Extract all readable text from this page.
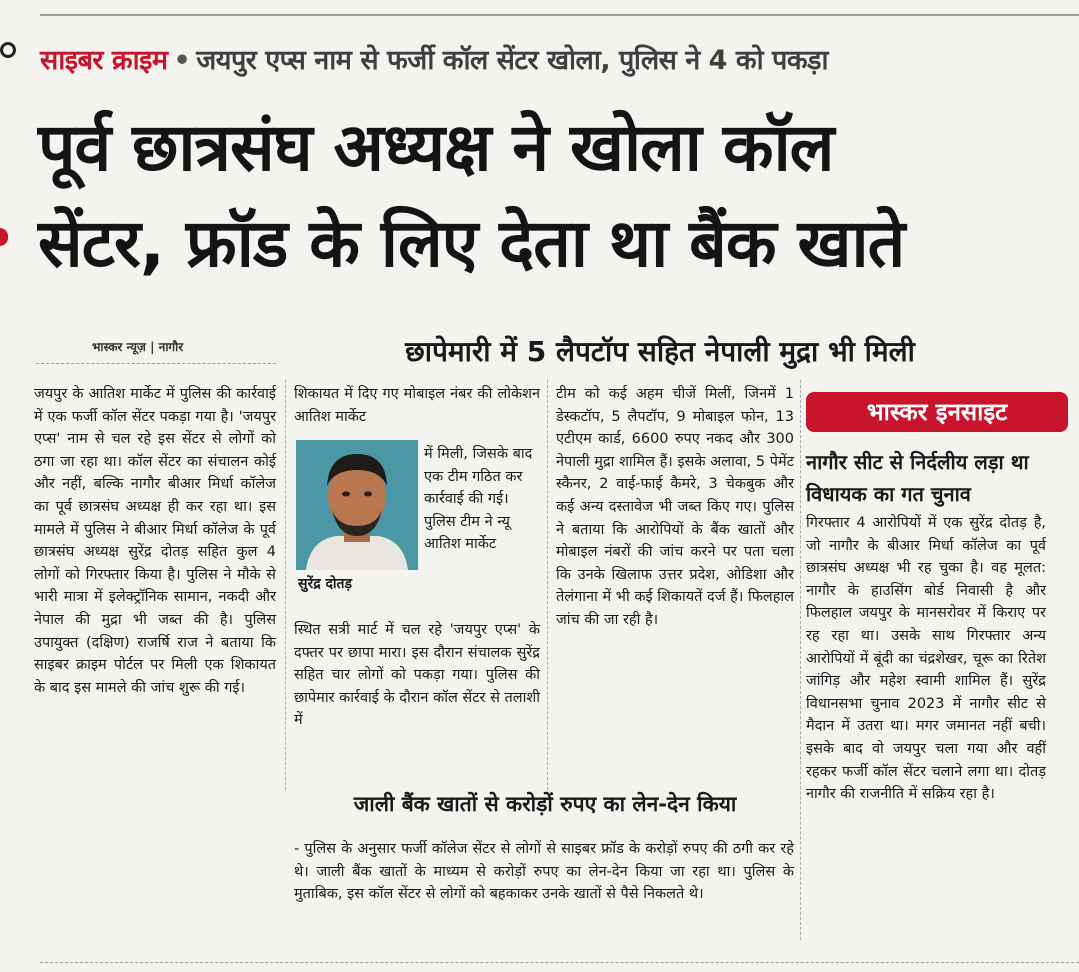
साइबर क्राइम • जयपुर एप्स नाम से फर्जी कॉल सेंटर खोला, पुलिस ने 4 को पकड़ा
पूर्व छात्रसंघ अध्यक्ष ने खोला कॉल
सेंटर, फ्रॉड के लिए देता था बैंक खाते
भास्कर न्यूज़ | नागौर	छापेमारी में 5 लैपटॉप सहित नेपाली मुद्रा भी मिली
जयपुर के आतिश मार्केट में पुलिस की कार्रवाई में एक फर्जी कॉल सेंटर पकड़ा गया है। 'जयपुर एप्स' नाम से चल रहे इस सेंटर से लोगों को ठगा जा रहा था। कॉल सेंटर का संचालन कोई और नहीं, बल्कि नागौर बीआर मिर्धा कॉलेज का पूर्व छात्रसंघ अध्यक्ष ही कर रहा था। इस मामले में पुलिस ने बीआर मिर्धा कॉलेज के पूर्व छात्रसंघ अध्यक्ष सुरेंद्र दोतड़ सहित कुल 4 लोगों को गिरफ्तार किया है। पुलिस ने मौके से भारी मात्रा में इलेक्ट्रॉनिक सामान, नकदी और नेपाल की मुद्रा भी जब्त की है। पुलिस उपायुक्त (दक्षिण) राजर्षि राज ने बताया कि साइबर क्राइम पोर्टल पर मिली एक शिकायत के बाद इस मामले की जांच शुरू की गई।
शिकायत में दिए गए मोबाइल नंबर की लोकेशन आतिश मार्केट
में मिली, जिसके बाद एक टीम गठित कर कार्रवाई की गई। पुलिस टीम ने न्यू आतिश मार्केट
सुरेंद्र दोतड़
स्थित सत्री मार्ट में चल रहे 'जयपुर एप्स' के दफ्तर पर छापा मारा। इस दौरान संचालक सुरेंद्र सहित चार लोगों को पकड़ा गया। पुलिस की छापेमार कार्रवाई के दौरान कॉल सेंटर से तलाशी में
टीम को कई अहम चीजें मिलीं, जिनमें 1 डेस्कटॉप, 5 लैपटॉप, 9 मोबाइल फोन, 13 एटीएम कार्ड, 6600 रुपए नकद और 300 नेपाली मुद्रा शामिल हैं। इसके अलावा, 5 पेमेंट स्कैनर, 2 वाई-फाई कैमरे, 3 चेकबुक और कई अन्य दस्तावेज भी जब्त किए गए। पुलिस ने बताया कि आरोपियों के बैंक खातों और मोबाइल नंबरों की जांच करने पर पता चला कि उनके खिलाफ उत्तर प्रदेश, ओडिशा और तेलंगाना में भी कई शिकायतें दर्ज हैं। फिलहाल जांच की जा रही है।
जाली बैंक खातों से करोड़ों रुपए का लेन-देन किया
- पुलिस के अनुसार फर्जी कॉलेज सेंटर से लोगों से साइबर फ्रॉड के करोड़ों रुपए की ठगी कर रहे थे। जाली बैंक खातों के माध्यम से करोड़ों रुपए का लेन-देन किया जा रहा था। पुलिस के मुताबिक, इस कॉल सेंटर से लोगों को बहकाकर उनके खातों से पैसे निकलते थे।
भास्कर इनसाइट
नागौर सीट से निर्दलीय लड़ा था विधायक का गत चुनाव
गिरफ्तार 4 आरोपियों में एक सुरेंद्र दोतड़ है, जो नागौर के बीआर मिर्धा कॉलेज का पूर्व छात्रसंघ अध्यक्ष भी रह चुका है। वह मूलत: नागौर के हाउसिंग बोर्ड निवासी है और फिलहाल जयपुर के मानसरोवर में किराए पर रह रहा था। उसके साथ गिरफ्तार अन्य आरोपियों में बूंदी का चंद्रशेखर, चूरू का रितेश जांगिड़ और महेश स्वामी शामिल हैं। सुरेंद्र विधानसभा चुनाव 2023 में नागौर सीट से मैदान में उतरा था। मगर जमानत नहीं बची। इसके बाद वो जयपुर चला गया और वहीं रहकर फर्जी कॉल सेंटर चलाने लगा था। दोतड़ नागौर की राजनीति में सक्रिय रहा है।
